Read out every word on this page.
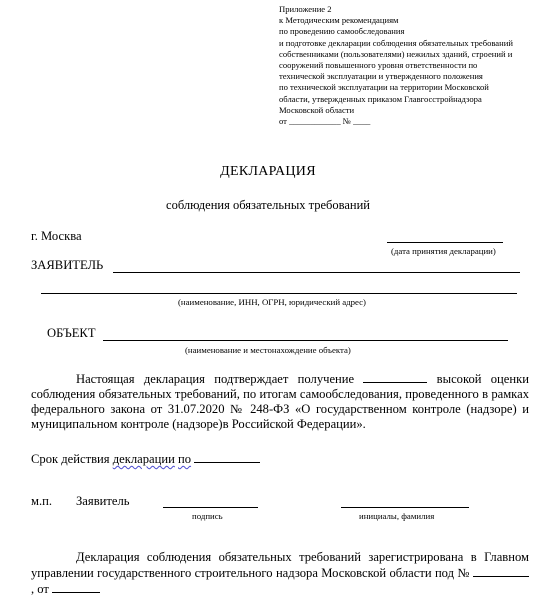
Приложение 2
к Методическим рекомендациям
по проведению самообследования
и подготовке декларации соблюдения обязательных требований
собственниками (пользователями) нежилых зданий, строений и
сооружений повышенного уровня ответственности по
технической эксплуатации и утвержденного положения
по технической эксплуатации на территории Московской
области, утвержденных приказом Главгосстройнадзора
Московской области
от ____________ № ____
ДЕКЛАРАЦИЯ
соблюдения обязательных требований
г. Москва
(дата принятия декларации)
ЗАЯВИТЕЛЬ
(наименование, ИНН, ОГРН, юридический адрес)
ОБЪЕКТ
(наименование и местонахождение объекта)
Настоящая декларация подтверждает получение	высокой оценки соблюдения обязательных требований, по итогам самообследования, проведенного в рамках федерального закона от 31.07.2020 № 248-ФЗ «О государственном контроле (надзоре) и муниципальном контроле (надзоре)в Российской Федерации».
Срок действия декларации по
м.п. Заявитель
подпись	инициалы, фамилия
Декларация соблюдения обязательных требований зарегистрирована в Главном управлении государственного строительного надзора Московской области под № , от
